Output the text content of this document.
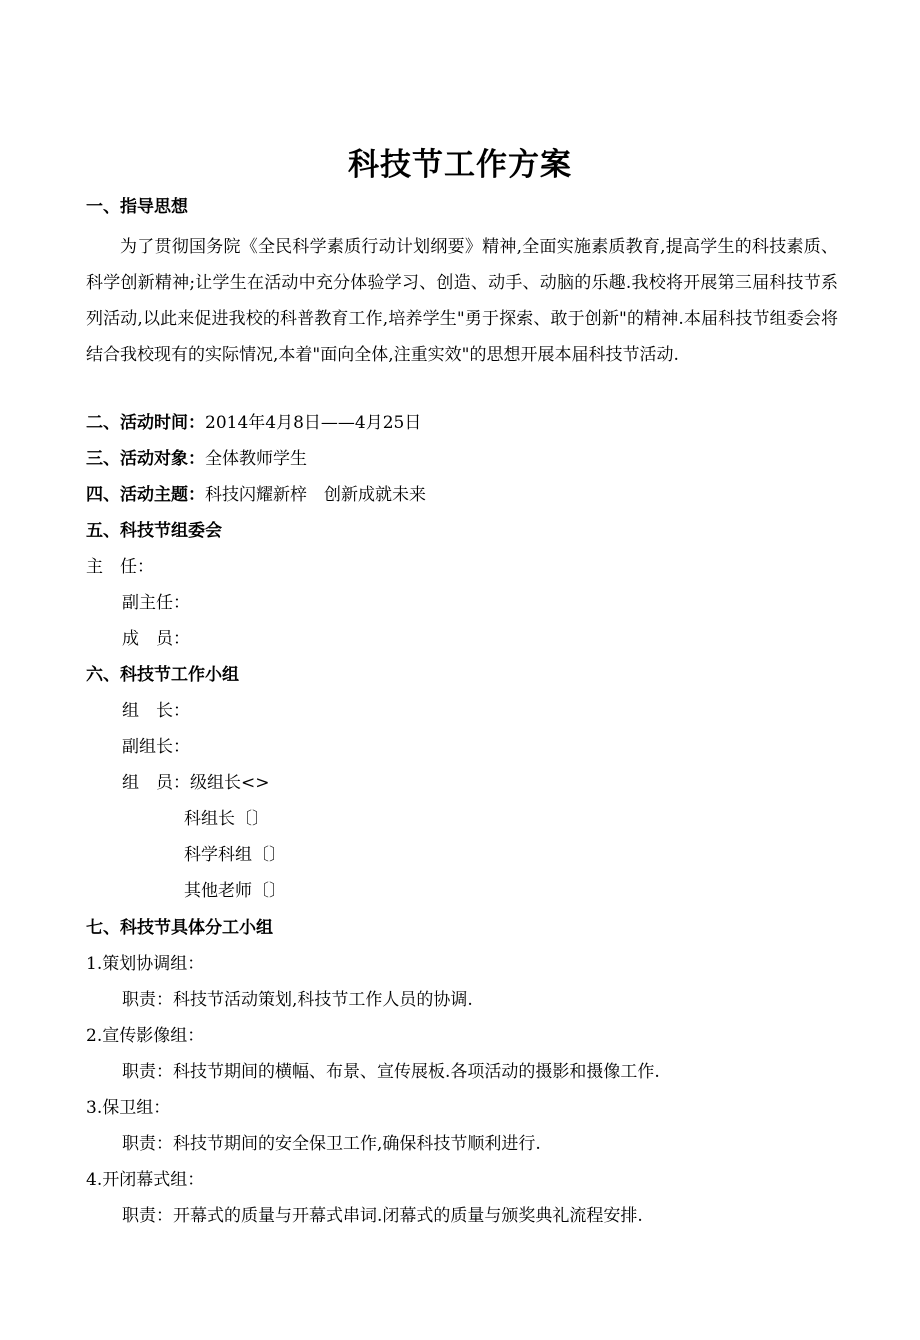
科技节工作方案
一、指导思想
为了贯彻国务院《全民科学素质行动计划纲要》精神,全面实施素质教育,提高学生的科技素质、科学创新精神;让学生在活动中充分体验学习、创造、动手、动脑的乐趣.我校将开展第三届科技节系列活动,以此来促进我校的科普教育工作,培养学生"勇于探索、敢于创新"的精神.本届科技节组委会将结合我校现有的实际情况,本着"面向全体,注重实效"的思想开展本届科技节活动.
二、活动时间：2014年4月8日——4月25日
三、活动对象：全体教师学生
四、活动主题：科技闪耀新梓　创新成就未来
五、科技节组委会
主　任：
副主任：
成　员：
六、科技节工作小组
组　长：
副组长：
组　员：级组长<>
科组长〔〕
科学科组〔〕
其他老师〔〕
七、科技节具体分工小组
1.策划协调组：
职责：科技节活动策划,科技节工作人员的协调.
2.宣传影像组：
职责：科技节期间的横幅、布景、宣传展板.各项活动的摄影和摄像工作.
3.保卫组：
职责：科技节期间的安全保卫工作,确保科技节顺利进行.
4.开闭幕式组：
职责：开幕式的质量与开幕式串词.闭幕式的质量与颁奖典礼流程安排.
